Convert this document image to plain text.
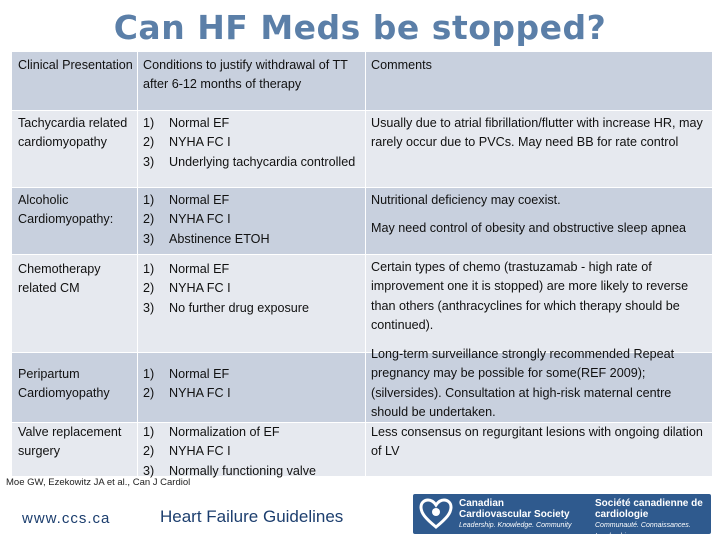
Can HF Meds be stopped?
Clinical Presentation Conditions to justify withdrawal of TT after 6-12 months of therapy
Comments
Tachycardia related cardiomyopathy
1) Normal EF
2) NYHA FC I
3) Underlying tachycardia controlled
Usually due to atrial fibrillation/flutter with increase HR, may rarely occur due to PVCs. May need BB for rate control
Alcoholic Cardiomyopathy:
1) Normal EF
2) NYHA FC I
3) Abstinence ETOH
Nutritional deficiency may coexist.
May need control of obesity and obstructive sleep apnea
Chemotherapy related CM
1) Normal EF
2) NYHA FC I
3) No further drug exposure
Certain types of chemo (trastuzamab - high rate of improvement one it is stopped) are more likely to reverse than others (anthracyclines for which therapy should be continued).
Peripartum Cardiomyopathy
1) Normal EF
2) NYHA FC I
Long-term surveillance strongly recommended Repeat pregnancy may be possible for some(REF 2009); (silversides). Consultation at high-risk maternal centre should be undertaken.
Valve replacement surgery
1) Normalization of EF
2) NYHA FC I
3) Normally functioning valve
Less consensus on regurgitant lesions with ongoing dilation of LV
Moe GW, Ezekowitz JA et al., Can J Cardiol
www.ccs.ca	Heart Failure Guidelines
Canadian Cardiovascular Society
Leadership. Knowledge. Community
Société canadienne de cardiologie
Communauté. Connaissances. Leadership
